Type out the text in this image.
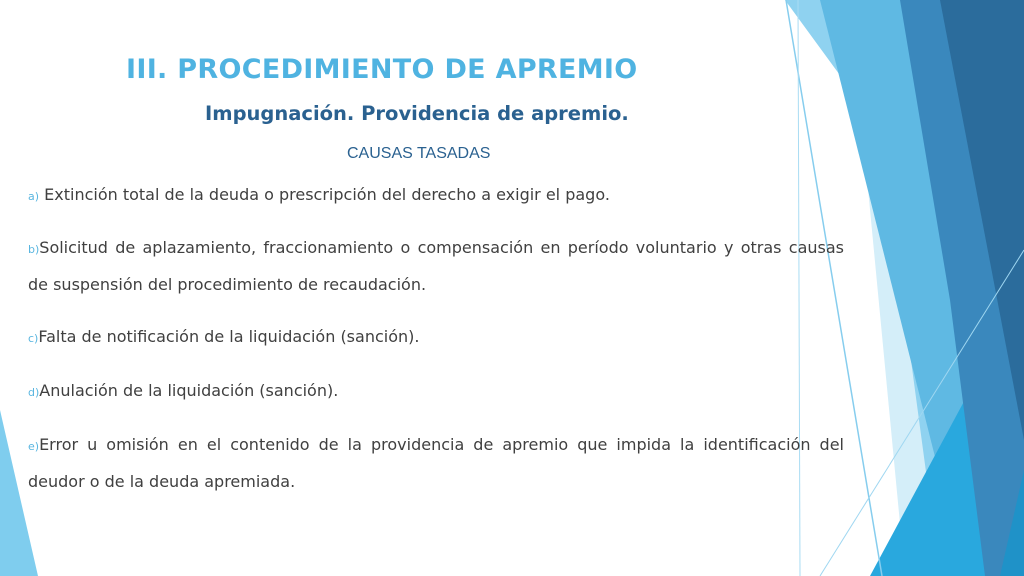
III. PROCEDIMIENTO DE APREMIO
Impugnación. Providencia de apremio.

CAUSAS TASADAS

a) Extinción total de la deuda o prescripción del derecho a exigir el pago.

b)Solicitud de aplazamiento, fraccionamiento o compensación en período voluntario y otras causas de suspensión del procedimiento de recaudación.

c)Falta de notificación de la liquidación (sanción).

d)Anulación de la liquidación (sanción).

e)Error u omisión en el contenido de la providencia de apremio que impida la identificación del deudor o de la deuda apremiada.
